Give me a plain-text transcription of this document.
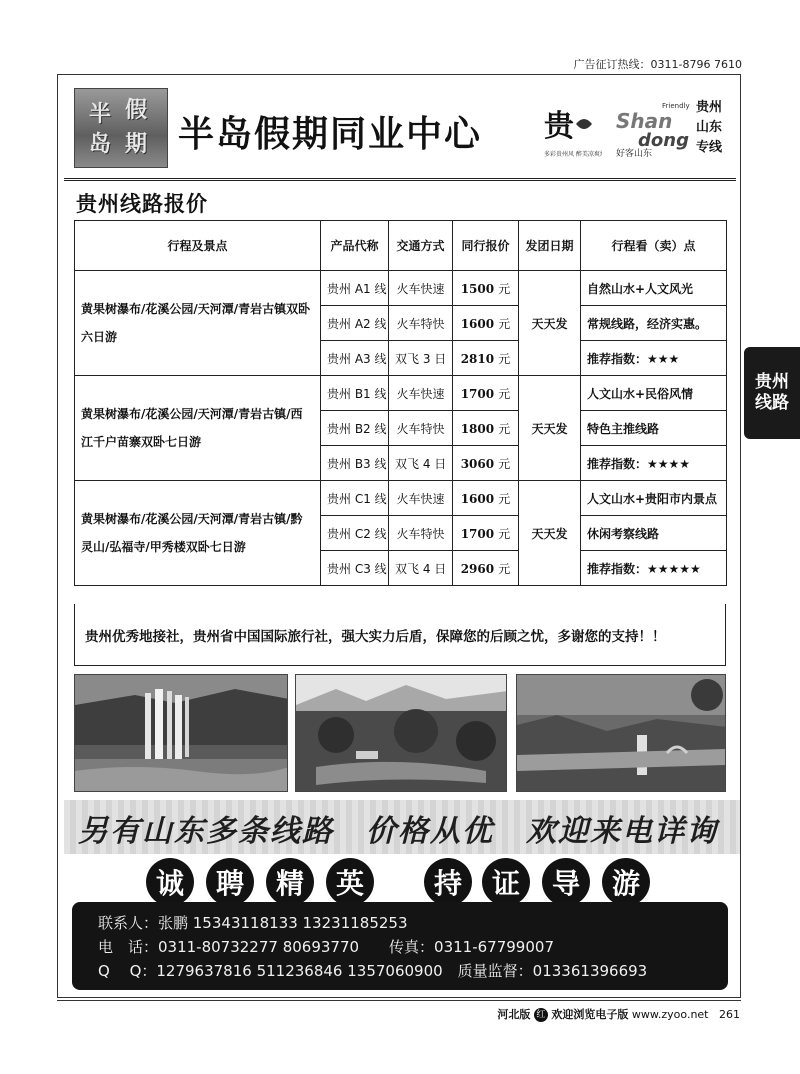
广告征订热线：0311-8796 7610
半 假
岛 期 半岛假期同业中心 贵
多彩贵州风 醉美凉爽地
Friendly
Shan
dong
好客山东
贵州
山东
专线
贵州线路报价
行程及景点	产品代称	交通方式	同行报价	发团日期	行程看（卖）点
黄果树瀑布/花溪公园/天河潭/青岩古镇双卧六日游	贵州 A1 线	火车快速	1500 元	天天发	自然山水+人文风光
	贵州 A2 线	火车特快	1600 元		常规线路，经济实惠。
	贵州 A3 线	双飞 3 日	2810 元		推荐指数：★★★
黄果树瀑布/花溪公园/天河潭/青岩古镇/西江千户苗寨双卧七日游	贵州 B1 线	火车快速	1700 元	天天发	人文山水+民俗风情
	贵州 B2 线	火车特快	1800 元		特色主推线路
	贵州 B3 线	双飞 4 日	3060 元		推荐指数：★★★★
黄果树瀑布/花溪公园/天河潭/青岩古镇/黔灵山/弘福寺/甲秀楼双卧七日游	贵州 C1 线	火车快速	1600 元	天天发	人文山水+贵阳市内景点
	贵州 C2 线	火车特快	1700 元		休闲考察线路
	贵州 C3 线	双飞 4 日	2960 元		推荐指数：★★★★★
贵州优秀地接社，贵州省中国国际旅行社，强大实力后盾，保障您的后顾之忧，多谢您的支持！！
贵州线路
另有山东多条线路　价格从优　欢迎来电详询
诚	聘	精	英	持	证	导	游
联系人：张鹏 15343118133 13231185253
电　话：0311-80732277 80693770　　传真：0311-67799007
Q　 Q：1279637816 511236846 1357060900　质量监督：013361396693
河北版 红 欢迎浏览电子版 www.zyoo.net 261
